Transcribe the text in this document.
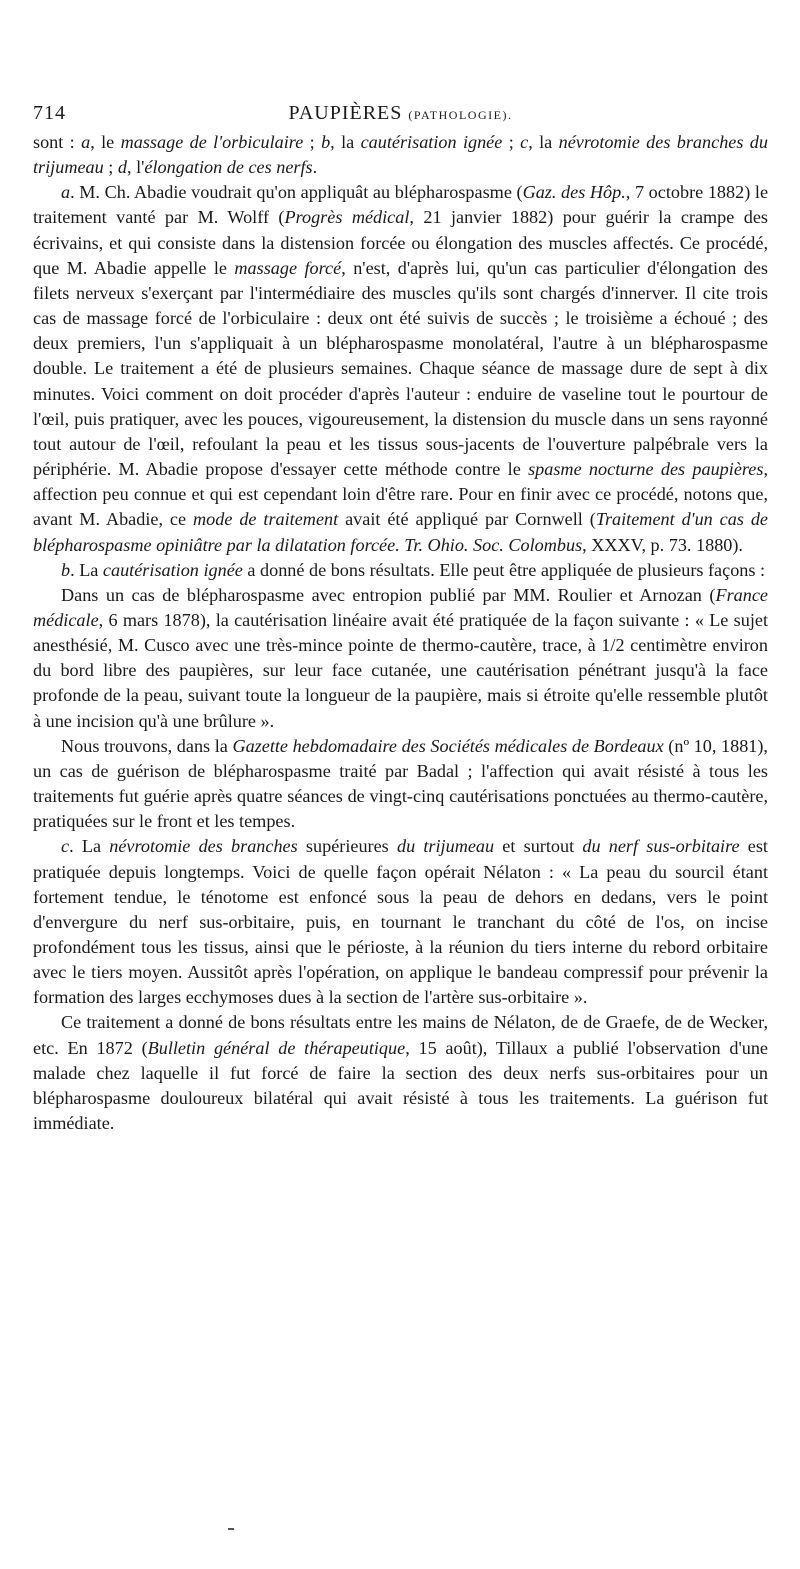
714	PAUPIÈRES (PATHOLOGIE).

sont : a, le massage de l'orbiculaire ; b, la cautérisation ignée ; c, la névrotomie des branches du trijumeau ; d, l'élongation de ces nerfs.

a. M. Ch. Abadie voudrait qu'on appliquât au blépharospasme (Gaz. des Hôp., 7 octobre 1882) le traitement vanté par M. Wolff (Progrès médical, 21 janvier 1882) pour guérir la crampe des écrivains, et qui consiste dans la distension forcée ou élongation des muscles affectés. Ce procédé, que M. Abadie appelle le massage forcé, n'est, d'après lui, qu'un cas particulier d'élongation des filets nerveux s'exerçant par l'intermédiaire des muscles qu'ils sont chargés d'innerver. Il cite trois cas de massage forcé de l'orbiculaire : deux ont été suivis de succès ; le troisième a échoué ; des deux premiers, l'un s'appliquait à un blépharospasme monolatéral, l'autre à un blépharospasme double. Le traitement a été de plusieurs semaines. Chaque séance de massage dure de sept à dix minutes. Voici comment on doit procéder d'après l'auteur : enduire de vaseline tout le pourtour de l'œil, puis pratiquer, avec les pouces, vigoureusement, la distension du muscle dans un sens rayonné tout autour de l'œil, refoulant la peau et les tissus sous-jacents de l'ouverture palpébrale vers la périphérie. M. Abadie propose d'essayer cette méthode contre le spasme nocturne des paupières, affection peu connue et qui est cependant loin d'être rare. Pour en finir avec ce procédé, notons que, avant M. Abadie, ce mode de traitement avait été appliqué par Cornwell (Traitement d'un cas de blépharospasme opiniâtre par la dilatation forcée. Tr. Ohio. Soc. Colombus, XXXV, p. 73. 1880).

b. La cautérisation ignée a donné de bons résultats. Elle peut être appliquée de plusieurs façons :

Dans un cas de blépharospasme avec entropion publié par MM. Roulier et Arnozan (France médicale, 6 mars 1878), la cautérisation linéaire avait été pratiquée de la façon suivante : « Le sujet anesthésié, M. Cusco avec une très-mince pointe de thermo-cautère, trace, à 1/2 centimètre environ du bord libre des paupières, sur leur face cutanée, une cautérisation pénétrant jusqu'à la face profonde de la peau, suivant toute la longueur de la paupière, mais si étroite qu'elle ressemble plutôt à une incision qu'à une brûlure ».

Nous trouvons, dans la Gazette hebdomadaire des Sociétés médicales de Bordeaux (nº 10, 1881), un cas de guérison de blépharospasme traité par Badal ; l'affection qui avait résisté à tous les traitements fut guérie après quatre séances de vingt-cinq cautérisations ponctuées au thermo-cautère, pratiquées sur le front et les tempes.

c. La névrotomie des branches supérieures du trijumeau et surtout du nerf sus-orbitaire est pratiquée depuis longtemps. Voici de quelle façon opérait Nélaton : « La peau du sourcil étant fortement tendue, le ténotome est enfoncé sous la peau de dehors en dedans, vers le point d'envergure du nerf sus-orbitaire, puis, en tournant le tranchant du côté de l'os, on incise profondément tous les tissus, ainsi que le périoste, à la réunion du tiers interne du rebord orbitaire avec le tiers moyen. Aussitôt après l'opération, on applique le bandeau compressif pour prévenir la formation des larges ecchymoses dues à la section de l'artère sus-orbitaire ».

Ce traitement a donné de bons résultats entre les mains de Nélaton, de de Graefe, de de Wecker, etc. En 1872 (Bulletin général de thérapeutique, 15 août), Tillaux a publié l'observation d'une malade chez laquelle il fut forcé de faire la section des deux nerfs sus-orbitaires pour un blépharospasme douloureux bilatéral qui avait résisté à tous les traitements. La guérison fut immédiate.
